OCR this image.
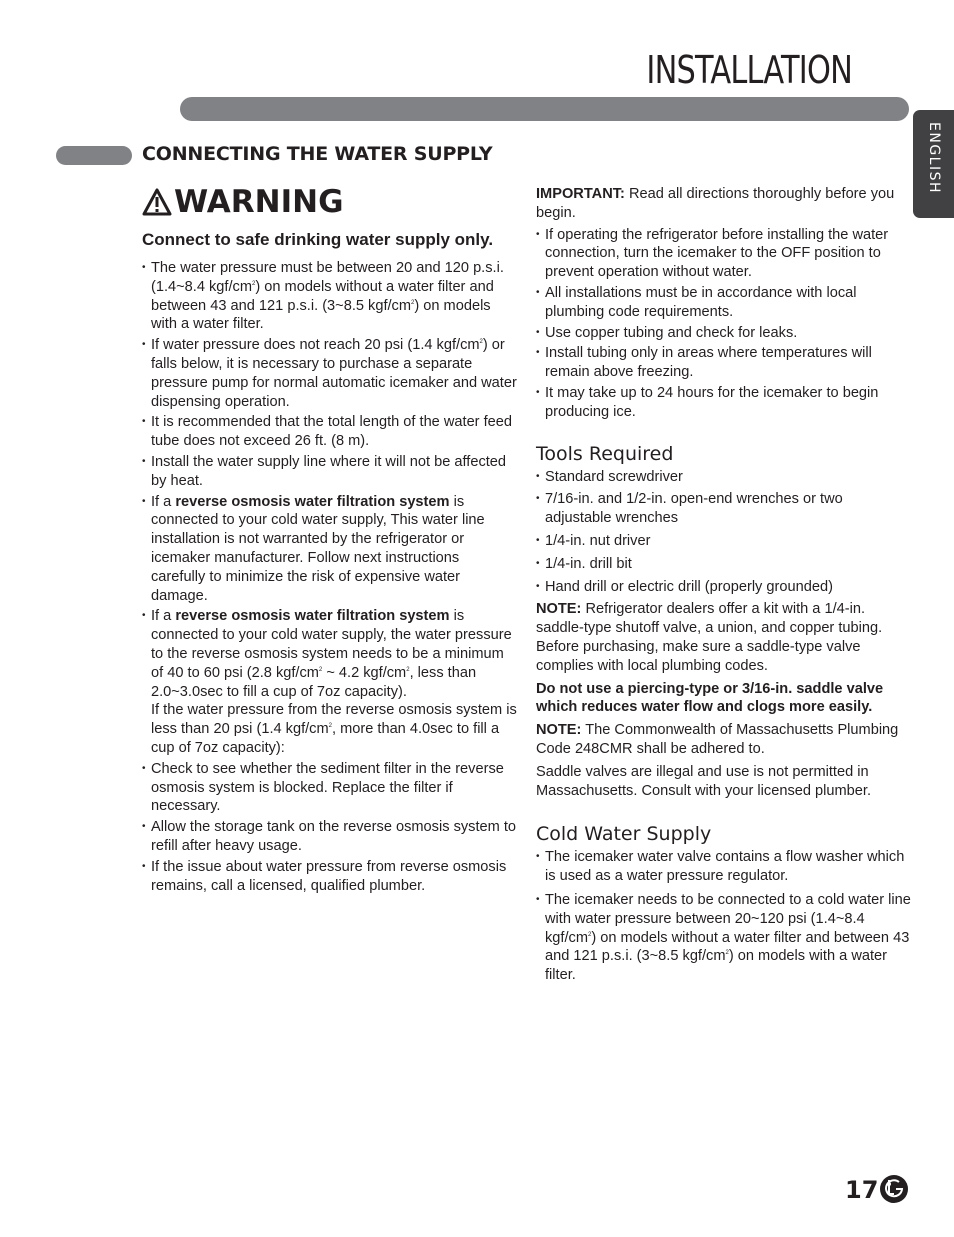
INSTALLATION
CONNECTING THE WATER SUPPLY	ENGLISH
WARNING
Connect to safe drinking water supply only.
• The water pressure must be between 20 and 120 p.s.i. (1.4~8.4 kgf/$cm^2$) on models without a water filter and between 43 and 121 p.s.i. (3~8.5 kgf/$cm^2$) on models with a water filter.
• If water pressure does not reach 20 psi (1.4 kgf/$cm^2$) or falls below, it is necessary to purchase a separate pressure pump for normal automatic icemaker and water dispensing operation.
• It is recommended that the total length of the water feed tube does not exceed 26 ft. (8 m).
• Install the water supply line where it will not be affected by heat.
• If a reverse osmosis water filtration system is connected to your cold water supply, This water line installation is not warranted by the refrigerator or icemaker manufacturer. Follow next instructions carefully to minimize the risk of expensive water damage.
• If a reverse osmosis water filtration system is connected to your cold water supply, the water pressure to the reverse osmosis system needs to be a minimum of 40 to 60 psi (2.8 kgf/$cm^2$ ~ 4.2 kgf/$cm^2$, less than 2.0~3.0sec to fill a cup of 7oz capacity).
If the water pressure from the reverse osmosis system is less than 20 psi (1.4 kgf/$cm^2$, more than 4.0sec to fill a cup of 7oz capacity):
• Check to see whether the sediment filter in the reverse osmosis system is blocked. Replace the filter if necessary.
• Allow the storage tank on the reverse osmosis system to refill after heavy usage.
• If the issue about water pressure from reverse osmosis remains, call a licensed, qualified plumber.

IMPORTANT: Read all directions thoroughly before you begin.

• If operating the refrigerator before installing the water connection, turn the icemaker to the OFF position to prevent operation without water.
• All installations must be in accordance with local plumbing code requirements.
• Use copper tubing and check for leaks.
• Install tubing only in areas where temperatures will remain above freezing.
• It may take up to 24 hours for the icemaker to begin producing ice.
Tools Required
• Standard screwdriver
• 7/16-in. and 1/2-in. open-end wrenches or two adjustable wrenches
• 1/4-in. nut driver
• 1/4-in. drill bit
• Hand drill or electric drill (properly grounded)

NOTE: Refrigerator dealers offer a kit with a 1/4-in. saddle-type shutoff valve, a union, and copper tubing. Before purchasing, make sure a saddle-type valve complies with local plumbing codes.

Do not use a piercing-type or 3/16-in. saddle valve which reduces water flow and clogs more easily.

NOTE: The Commonwealth of Massachusetts Plumbing Code 248CMR shall be adhered to.

Saddle valves are illegal and use is not permitted in Massachusetts. Consult with your licensed plumber.

Cold Water Supply
• The icemaker water valve contains a flow washer which is used as a water pressure regulator.
• The icemaker needs to be connected to a cold water line with water pressure between 20~120 psi (1.4~8.4 kgf/$cm^2$) on models without a water filter and between 43 and 121 p.s.i. (3~8.5 kgf/$cm^2$) on models with a water filter.
17
